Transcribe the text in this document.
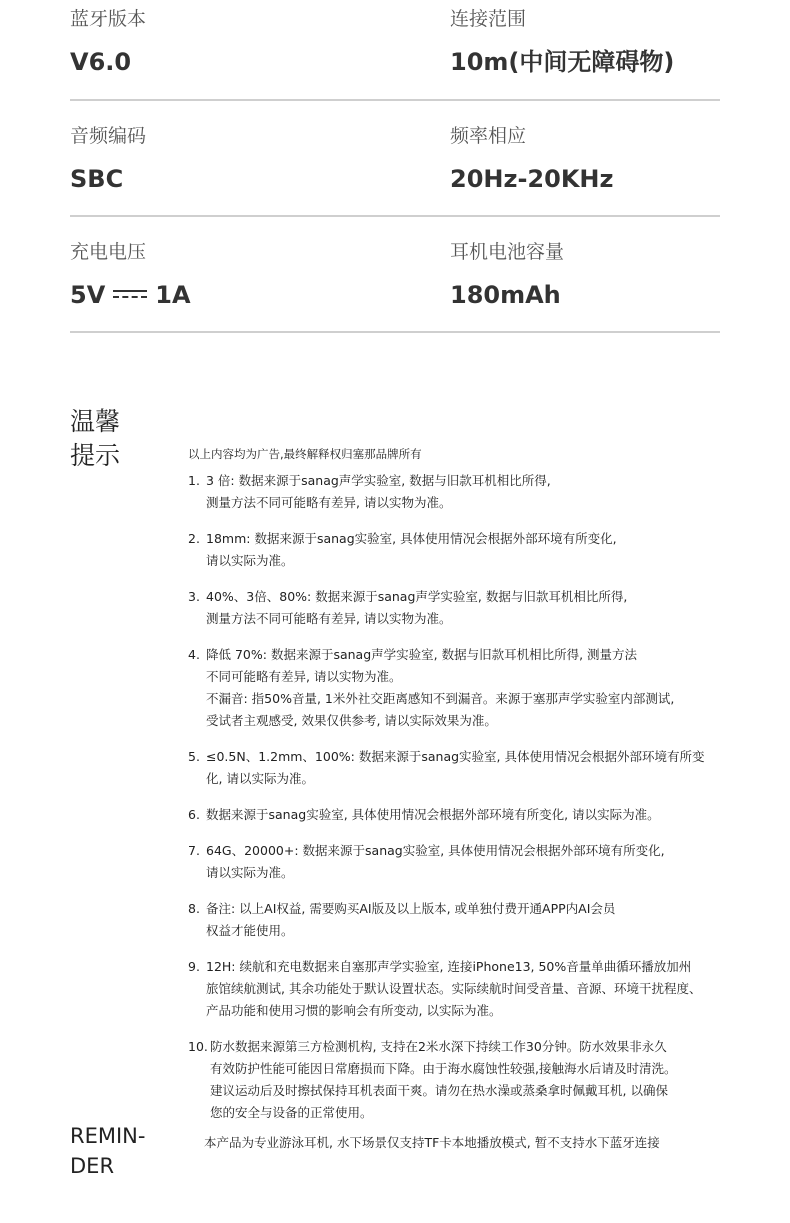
蓝牙版本
V6.0
连接范围
10m(中间无障碍物)
音频编码
SBC
频率相应
20Hz-20KHz
充电电压
5V 1A
耳机电池容量
180mAh
温馨
提示
REMIN-
DER
以上内容均为广告,最终解释权归塞那品牌所有
1. 3 倍: 数据来源于sanag声学实验室, 数据与旧款耳机相比所得,
测量方法不同可能略有差异, 请以实物为准。
2. 18mm: 数据来源于sanag实验室, 具体使用情况会根据外部环境有所变化,
请以实际为准。
3. 40%、3倍、80%: 数据来源于sanag声学实验室, 数据与旧款耳机相比所得,
测量方法不同可能略有差异, 请以实物为准。
4. 降低 70%: 数据来源于sanag声学实验室, 数据与旧款耳机相比所得, 测量方法
不同可能略有差异, 请以实物为准。
不漏音: 指50%音量, 1米外社交距离感知不到漏音。来源于塞那声学实验室内部测试,
受试者主观感受, 效果仅供参考, 请以实际效果为准。
5. ≤0.5N、1.2mm、100%: 数据来源于sanag实验室, 具体使用情况会根据外部环境有所变
化, 请以实际为准。
6. 数据来源于sanag实验室, 具体使用情况会根据外部环境有所变化, 请以实际为准。
7. 64G、20000+: 数据来源于sanag实验室, 具体使用情况会根据外部环境有所变化,
请以实际为准。
8. 备注: 以上AI权益, 需要购买AI版及以上版本, 或单独付费开通APP内AI会员
权益才能使用。
9. 12H: 续航和充电数据来自塞那声学实验室, 连接iPhone13, 50%音量单曲循环播放加州
旅馆续航测试, 其余功能处于默认设置状态。实际续航时间受音量、音源、环境干扰程度、
产品功能和使用习惯的影响会有所变动, 以实际为准。
10. 防水数据来源第三方检测机构, 支持在2米水深下持续工作30分钟。防水效果非永久
有效防护性能可能因日常磨损而下降。由于海水腐蚀性较强,接触海水后请及时清洗。
建议运动后及时擦拭保持耳机表面干爽。请勿在热水澡或蒸桑拿时佩戴耳机, 以确保
您的安全与设备的正常使用。
本产品为专业游泳耳机, 水下场景仅支持TF卡本地播放模式, 暂不支持水下蓝牙连接
